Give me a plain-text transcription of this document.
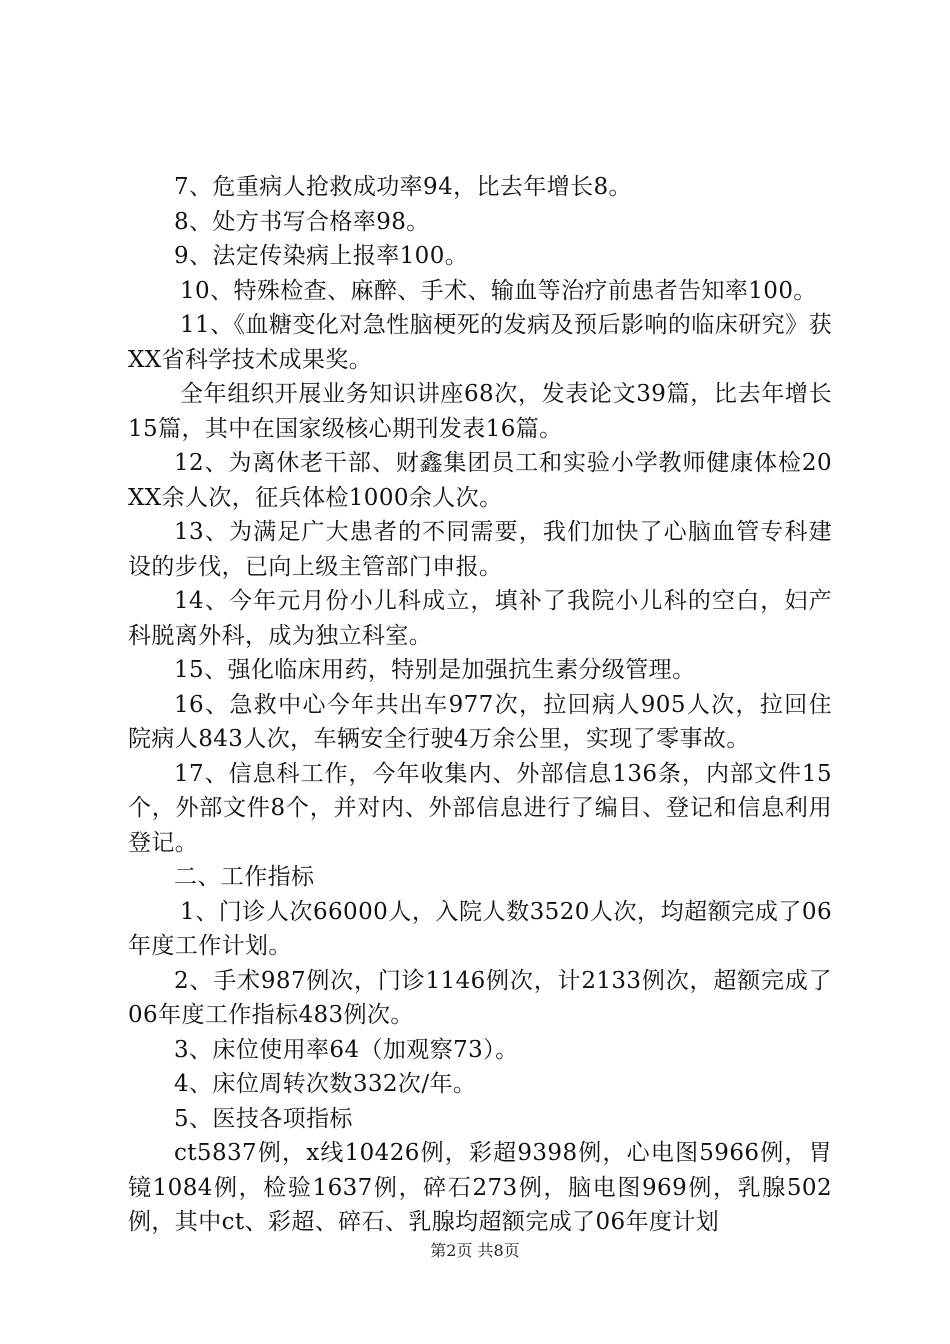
7、危重病人抢救成功率94，比去年增长8。

8、处方书写合格率98。

9、法定传染病上报率100。

10、特殊检查、麻醉、手术、输血等治疗前患者告知率100。

11、《血糖变化对急性脑梗死的发病及预后影响的临床研究》获XX省科学技术成果奖。

全年组织开展业务知识讲座68次，发表论文39篇，比去年增长15篇，其中在国家级核心期刊发表16篇。

12、为离休老干部、财鑫集团员工和实验小学教师健康体检20XX余人次，征兵体检1000余人次。

13、为满足广大患者的不同需要，我们加快了心脑血管专科建设的步伐，已向上级主管部门申报。

14、今年元月份小儿科成立，填补了我院小儿科的空白，妇产科脱离外科，成为独立科室。

15、强化临床用药，特别是加强抗生素分级管理。

16、急救中心今年共出车977次，拉回病人905人次，拉回住院病人843人次，车辆安全行驶4万余公里，实现了零事故。

17、信息科工作，今年收集内、外部信息136条，内部文件15个，外部文件8个，并对内、外部信息进行了编目、登记和信息利用登记。

二、工作指标

1、门诊人次66000人，入院人数3520人次，均超额完成了06年度工作计划。

2、手术987例次，门诊1146例次，计2133例次，超额完成了06年度工作指标483例次。

3、床位使用率64（加观察73）。

4、床位周转次数332次/年。

5、医技各项指标

ct5837例，x线10426例，彩超9398例，心电图5966例，胃镜1084例，检验1637例，碎石273例，脑电图969例，乳腺502例，其中ct、彩超、碎石、乳腺均超额完成了06年度计划

第2页 共8页
